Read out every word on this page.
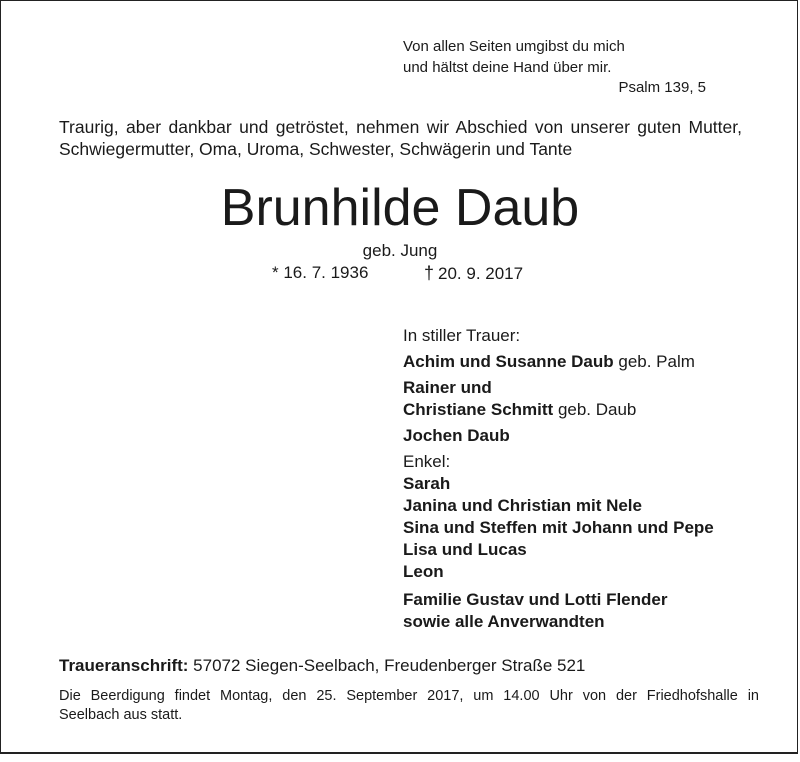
Von allen Seiten umgibst du mich
und hältst deine Hand über mir.
Psalm 139, 5
Traurig, aber dankbar und getröstet, nehmen wir Abschied von unserer guten Mutter,
Schwiegermutter, Oma, Uroma, Schwester, Schwägerin und Tante
Brunhilde Daub
geb. Jung
* 16. 7. 1936	† 20. 9. 2017
In stiller Trauer:
Achim und Susanne Daub geb. Palm
Rainer und
Christiane Schmitt geb. Daub
Jochen Daub
Enkel:
Sarah
Janina und Christian mit Nele
Sina und Steffen mit Johann und Pepe
Lisa und Lucas
Leon
Familie Gustav und Lotti Flender
sowie alle Anverwandten
Traueranschrift: 57072 Siegen-Seelbach, Freudenberger Straße 521
Die Beerdigung findet Montag, den 25. September 2017, um 14.00 Uhr von der Friedhofshalle in
Seelbach aus statt.
